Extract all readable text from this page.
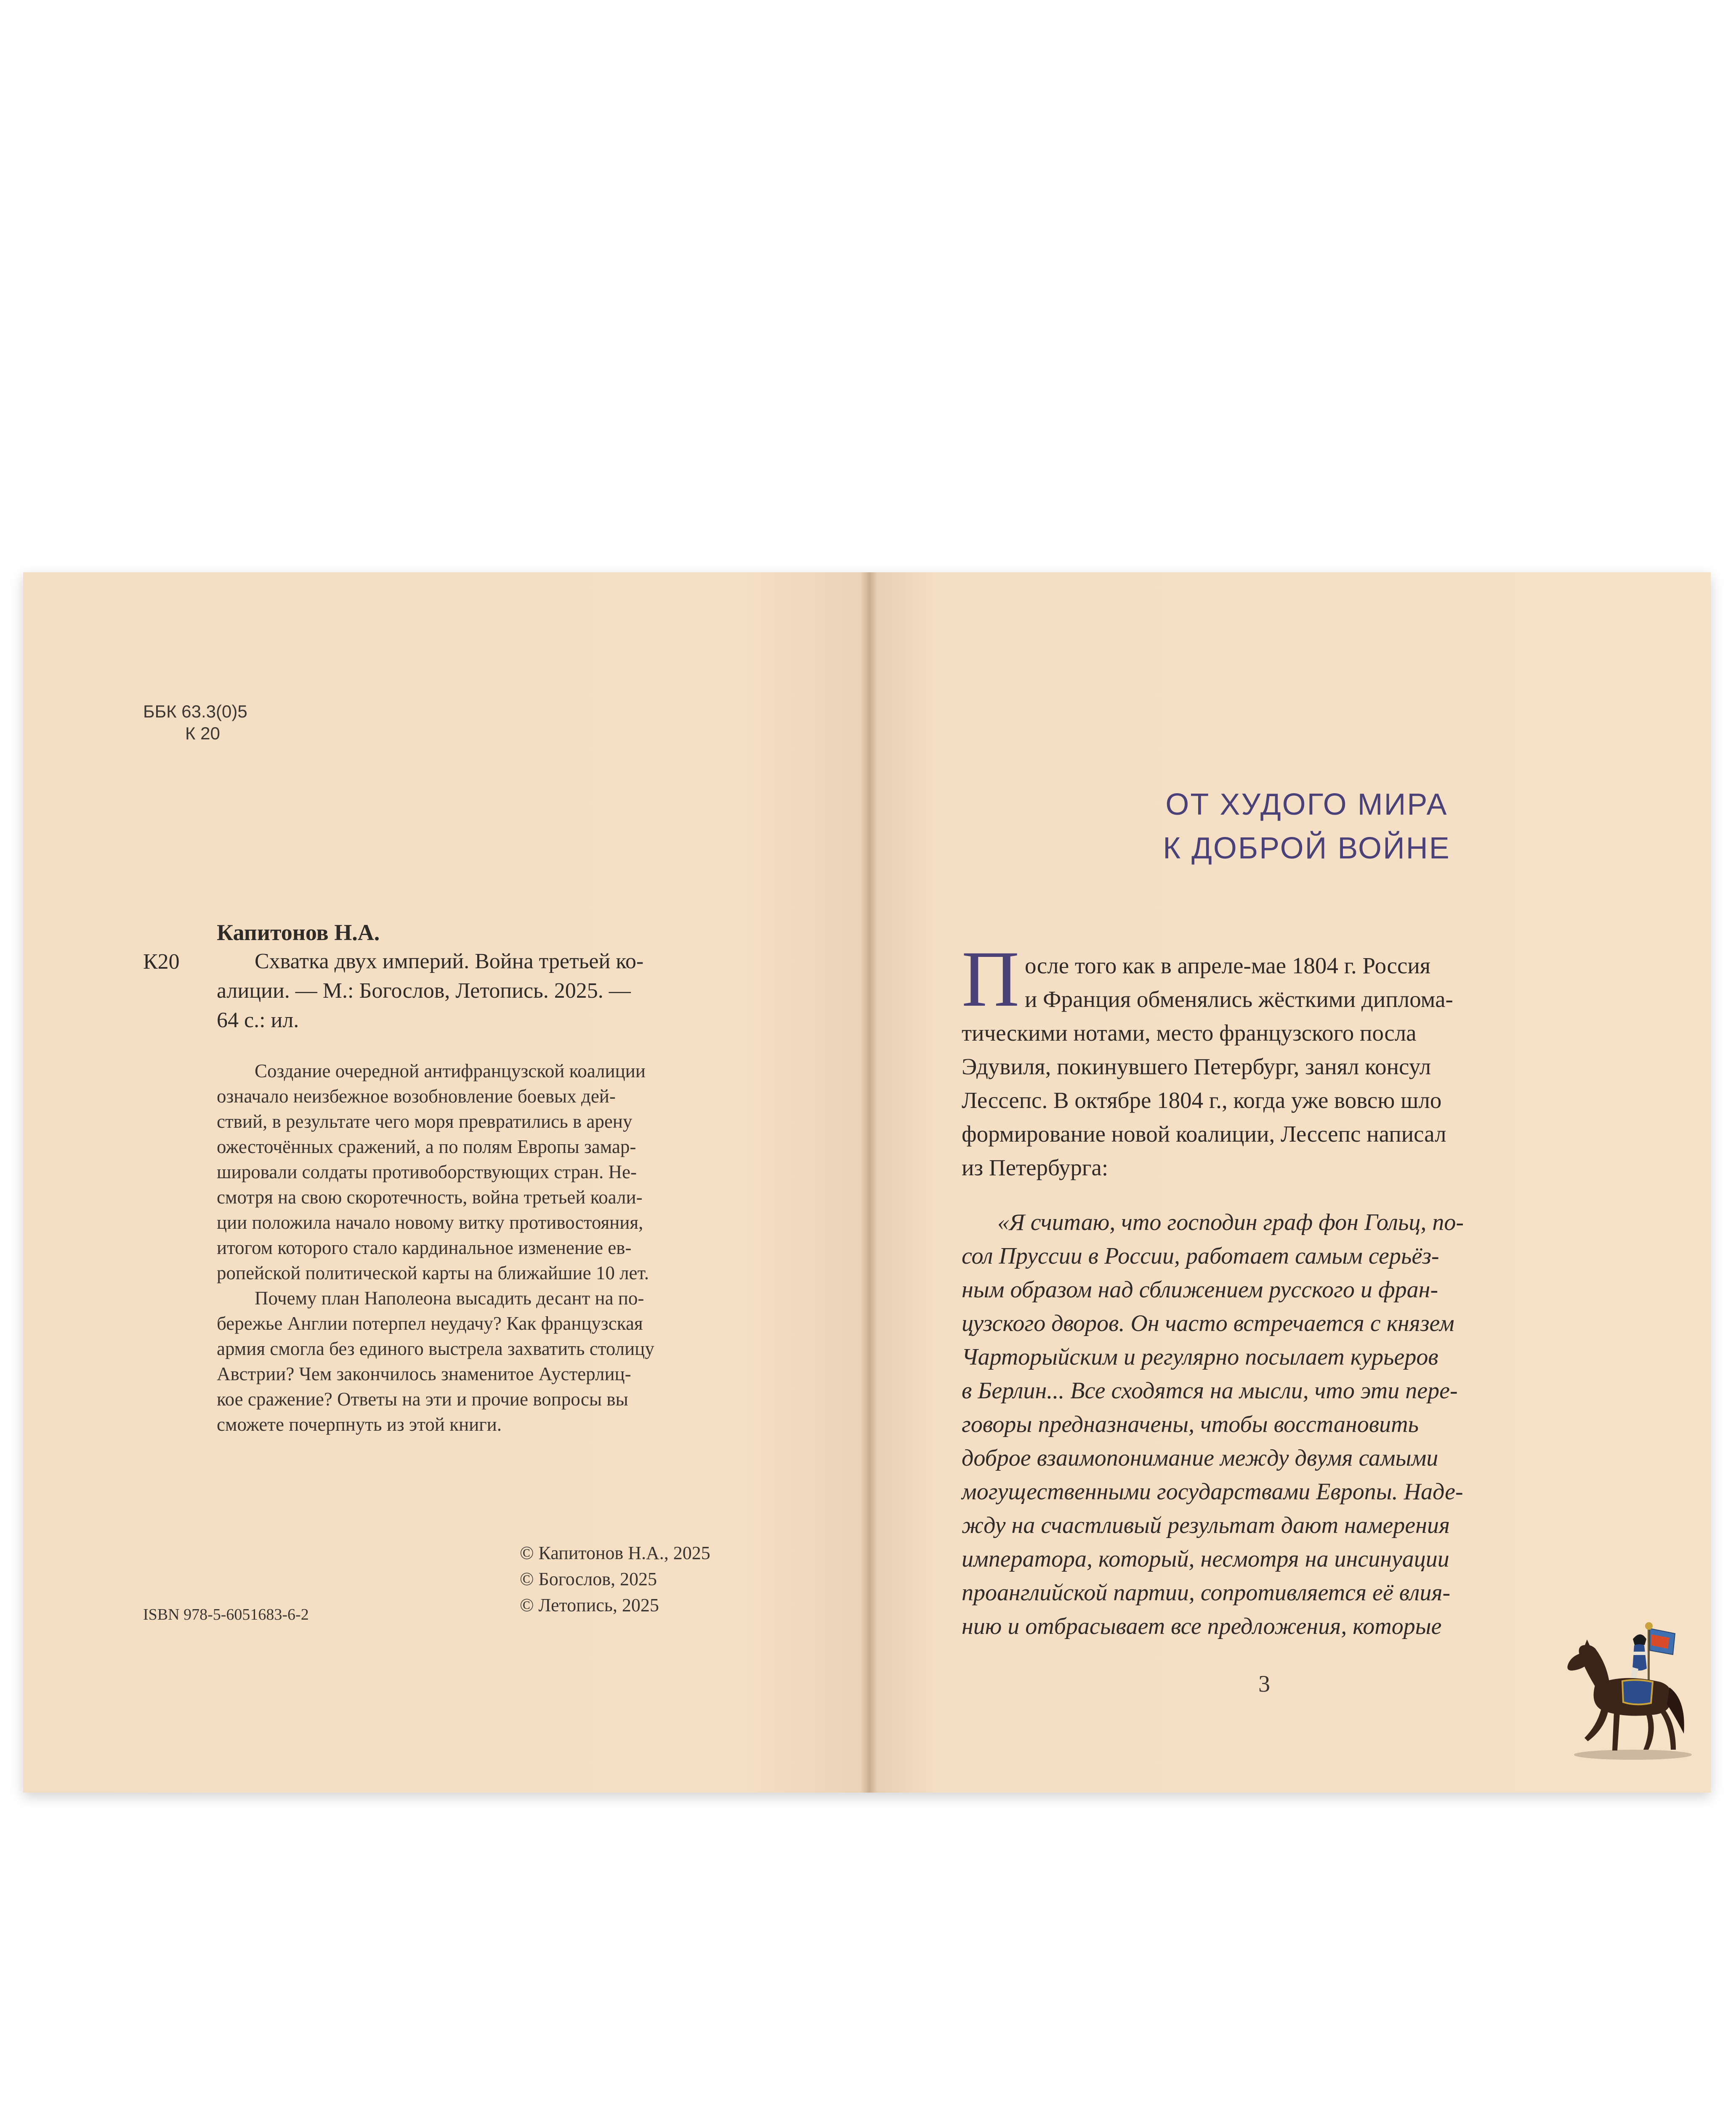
ББК 63.3(0)5
К 20
Капитонов Н.А.
К20	Схватка двух империй. Война третьей ко-
алиции. — М.: Богослов, Летопись. 2025. —
64 с.: ил.
Создание очередной антифранцузской коалиции
означало неизбежное возобновление боевых дей-
ствий, в результате чего моря превратились в арену
ожесточённых сражений, а по полям Европы замар-
шировали солдаты противоборствующих стран. Не-
смотря на свою скоротечность, война третьей коали-
ции положила начало новому витку противостояния,
итогом которого стало кардинальное изменение ев-
ропейской политической карты на ближайшие 10 лет.
Почему план Наполеона высадить десант на по-
бережье Англии потерпел неудачу? Как французская
армия смогла без единого выстрела захватить столицу
Австрии? Чем закончилось знаменитое Аустерлиц-
кое сражение? Ответы на эти и прочие вопросы вы
сможете почерпнуть из этой книги.
© Капитонов Н.А., 2025
© Богослов, 2025
© Летопись, 2025
ISBN 978-5-6051683-6-2
ОТ ХУДОГО МИРА
К ДОБРОЙ ВОЙНЕ
П осле того как в апреле-мае 1804 г. Россия
и Франция обменялись жёсткими диплома-
тическими нотами, место французского посла
Эдувиля, покинувшего Петербург, занял консул
Лессепс. В октябре 1804 г., когда уже вовсю шло
формирование новой коалиции, Лессепс написал
из Петербурга:
«Я считаю, что господин граф фон Гольц, по-
сол Пруссии в России, работает самым серьёз-
ным образом над сближением русского и фран-
цузского дворов. Он часто встречается с князем
Чарторыйским и регулярно посылает курьеров
в Берлин... Все сходятся на мысли, что эти пере-
говоры предназначены, чтобы восстановить
доброе взаимопонимание между двумя самыми
могущественными государствами Европы. Наде-
жду на счастливый результат дают намерения
императора, который, несмотря на инсинуации
проанглийской партии, сопротивляется её влия-
нию и отбрасывает все предложения, которые
3
